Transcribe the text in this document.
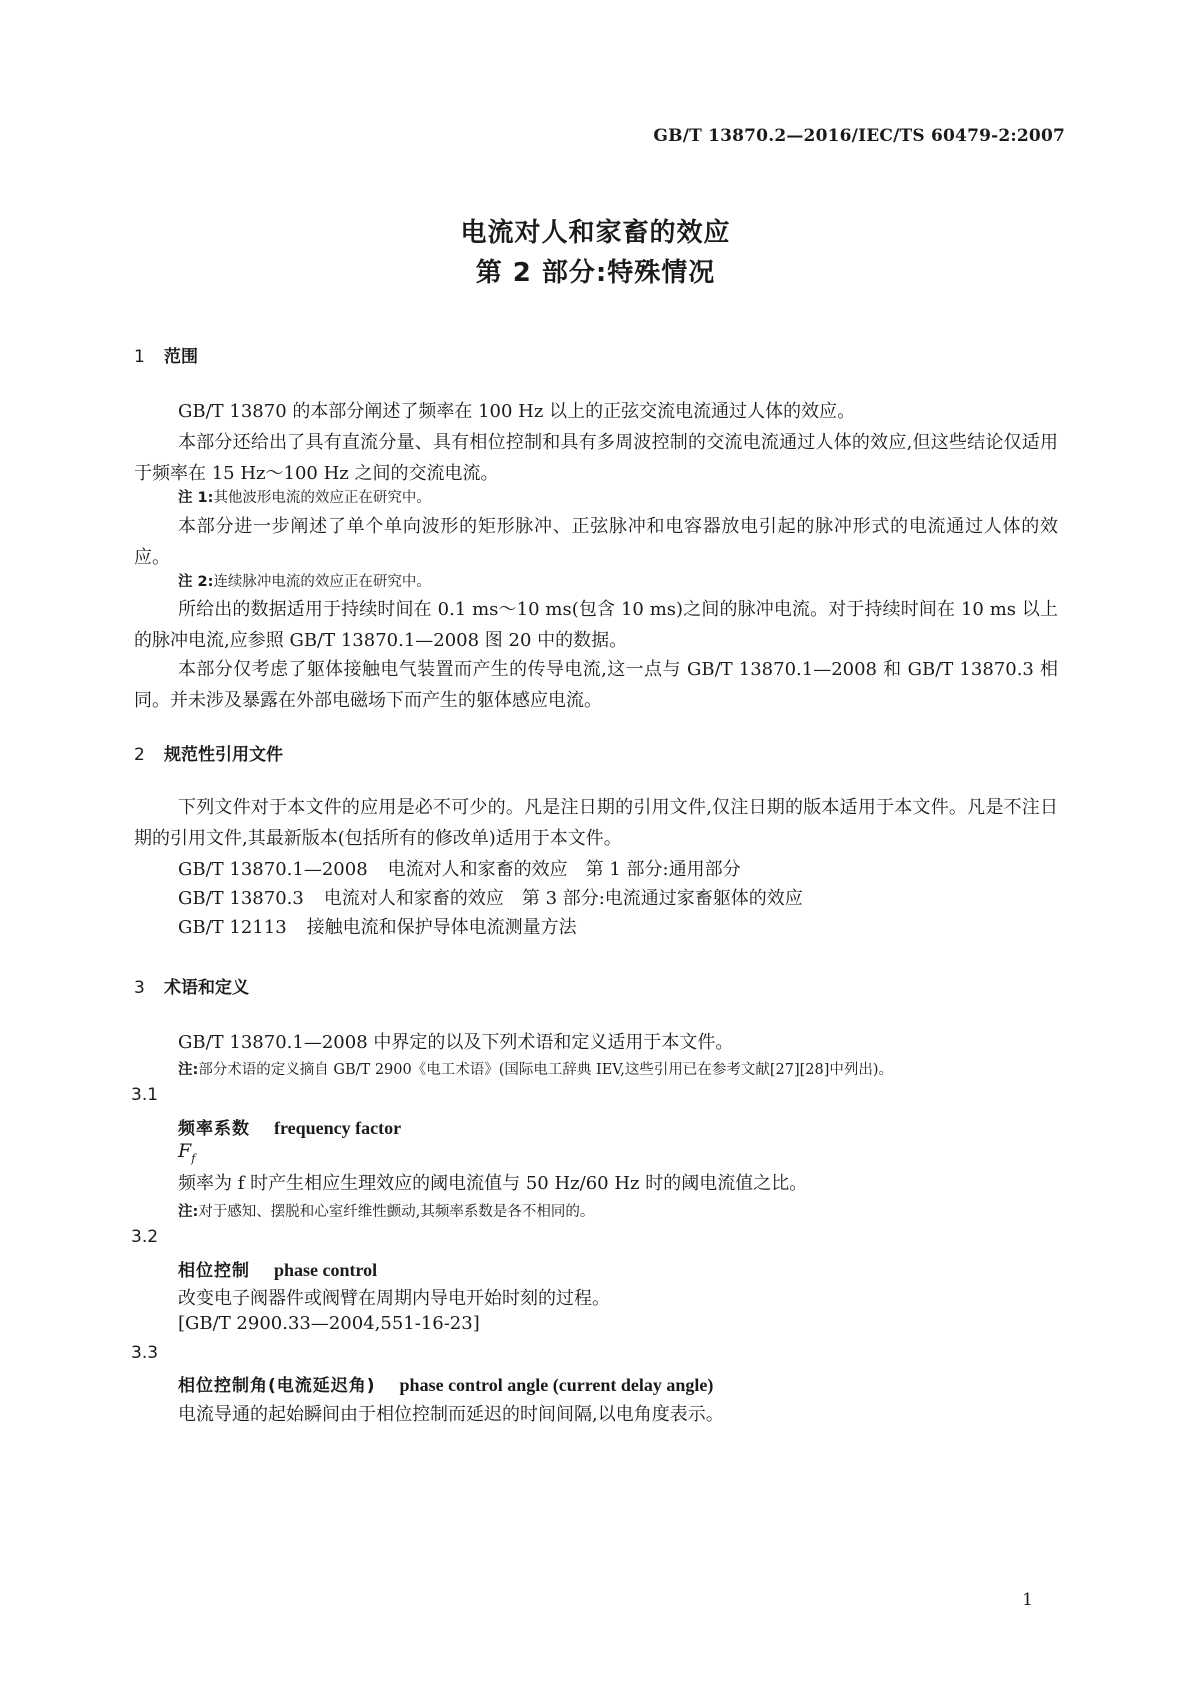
GB/T 13870.2—2016/IEC/TS 60479-2:2007
电流对人和家畜的效应
第 2 部分:特殊情况
1 范围
GB/T 13870 的本部分阐述了频率在 100 Hz 以上的正弦交流电流通过人体的效应。
本部分还给出了具有直流分量、具有相位控制和具有多周波控制的交流电流通过人体的效应,但这些结论仅适用于频率在 15 Hz～100 Hz 之间的交流电流。
注 1:其他波形电流的效应正在研究中。
本部分进一步阐述了单个单向波形的矩形脉冲、正弦脉冲和电容器放电引起的脉冲形式的电流通过人体的效应。
注 2:连续脉冲电流的效应正在研究中。
所给出的数据适用于持续时间在 0.1 ms～10 ms(包含 10 ms)之间的脉冲电流。对于持续时间在 10 ms 以上的脉冲电流,应参照 GB/T 13870.1—2008 图 20 中的数据。
本部分仅考虑了躯体接触电气装置而产生的传导电流,这一点与 GB/T 13870.1—2008 和 GB/T 13870.3 相同。并未涉及暴露在外部电磁场下而产生的躯体感应电流。
2 规范性引用文件
下列文件对于本文件的应用是必不可少的。凡是注日期的引用文件,仅注日期的版本适用于本文件。凡是不注日期的引用文件,其最新版本(包括所有的修改单)适用于本文件。
GB/T 13870.1—2008 电流对人和家畜的效应　第 1 部分:通用部分
GB/T 13870.3 电流对人和家畜的效应　第 3 部分:电流通过家畜躯体的效应
GB/T 12113 接触电流和保护导体电流测量方法
3 术语和定义
GB/T 13870.1—2008 中界定的以及下列术语和定义适用于本文件。
注:部分术语的定义摘自 GB/T 2900《电工术语》(国际电工辞典 IEV,这些引用已在参考文献[27][28]中列出)。
3.1
频率系数 frequency factor
$F_f$
频率为 f 时产生相应生理效应的阈电流值与 50 Hz/60 Hz 时的阈电流值之比。
注:对于感知、摆脱和心室纤维性颤动,其频率系数是各不相同的。
3.2
相位控制 phase control
改变电子阀器件或阀臂在周期内导电开始时刻的过程。
[GB/T 2900.33—2004,551-16-23]
3.3
相位控制角(电流延迟角) phase control angle (current delay angle)
电流导通的起始瞬间由于相位控制而延迟的时间间隔,以电角度表示。
1
